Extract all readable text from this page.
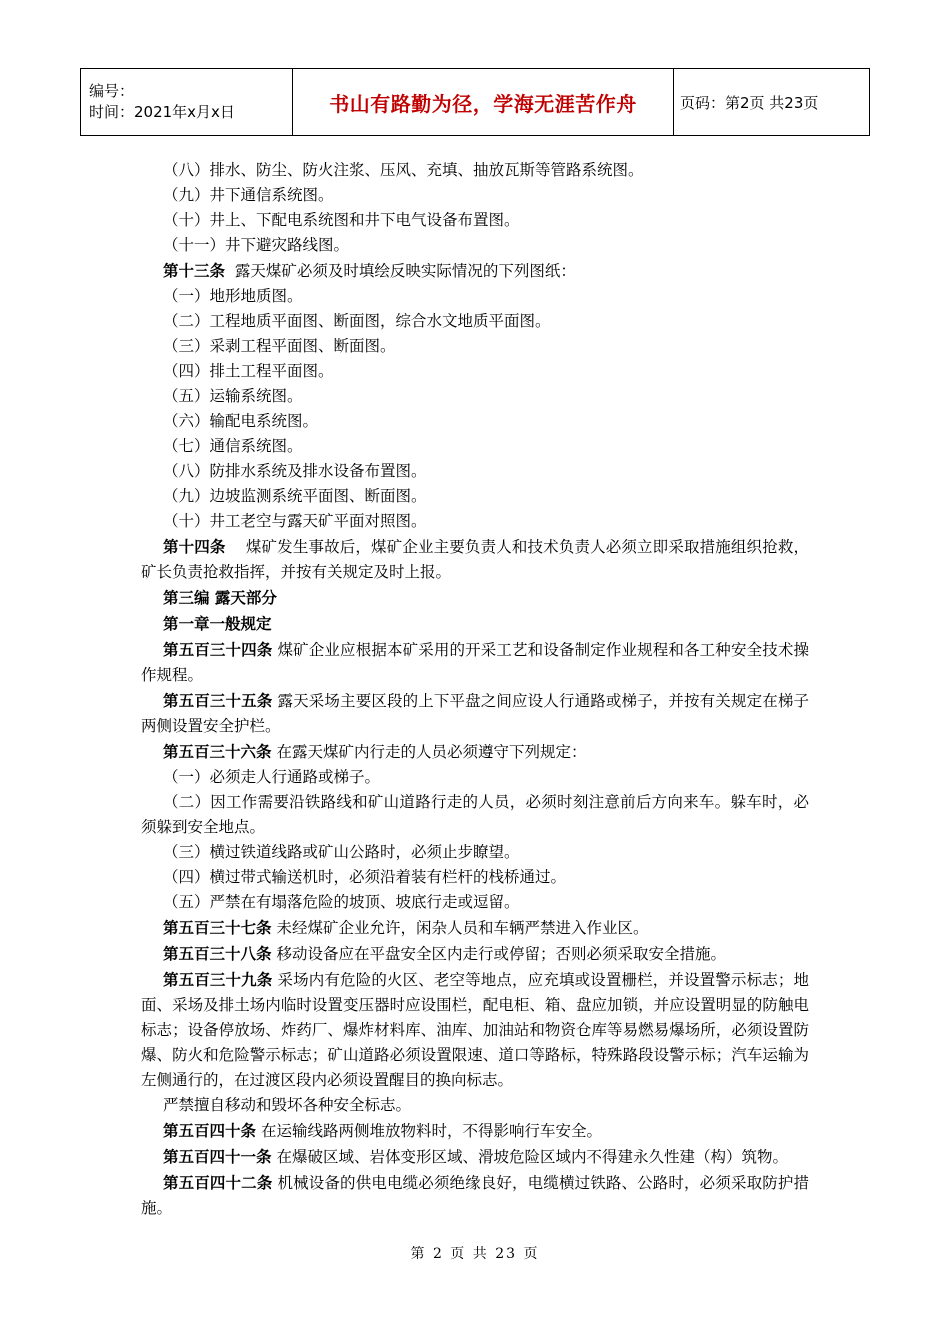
编号：
时间：2021年x月x日	书山有路勤为径，学海无涯苦作舟	页码：第2页 共23页

（八）排水、防尘、防火注浆、压风、充填、抽放瓦斯等管路系统图。

（九）井下通信系统图。

（十）井上、下配电系统图和井下电气设备布置图。

（十一）井下避灾路线图。

第十三条  露天煤矿必须及时填绘反映实际情况的下列图纸：

（一）地形地质图。

（二）工程地质平面图、断面图，综合水文地质平面图。

（三）采剥工程平面图、断面图。

（四）排土工程平面图。

（五）运输系统图。

（六）输配电系统图。

（七）通信系统图。

（八）防排水系统及排水设备布置图。

（九）边坡监测系统平面图、断面图。

（十）井工老空与露天矿平面对照图。

第十四条    煤矿发生事故后，煤矿企业主要负责人和技术负责人必须立即采取措施组织抢救，矿长负责抢救指挥，并按有关规定及时上报。

第三编 露天部分

第一章一般规定

第五百三十四条 煤矿企业应根据本矿采用的开采工艺和设备制定作业规程和各工种安全技术操作规程。

第五百三十五条 露天采场主要区段的上下平盘之间应设人行通路或梯子，并按有关规定在梯子两侧设置安全护栏。

第五百三十六条 在露天煤矿内行走的人员必须遵守下列规定：

（一）必须走人行通路或梯子。

（二）因工作需要沿铁路线和矿山道路行走的人员，必须时刻注意前后方向来车。躲车时，必须躲到安全地点。

（三）横过铁道线路或矿山公路时，必须止步瞭望。

（四）横过带式输送机时，必须沿着装有栏杆的栈桥通过。

（五）严禁在有塌落危险的坡顶、坡底行走或逗留。

第五百三十七条 未经煤矿企业允许，闲杂人员和车辆严禁进入作业区。

第五百三十八条 移动设备应在平盘安全区内走行或停留；否则必须采取安全措施。

第五百三十九条 采场内有危险的火区、老空等地点，应充填或设置栅栏，并设置警示标志；地面、采场及排土场内临时设置变压器时应设围栏，配电柜、箱、盘应加锁，并应设置明显的防触电标志；设备停放场、炸药厂、爆炸材料库、油库、加油站和物资仓库等易燃易爆场所，必须设置防爆、防火和危险警示标志；矿山道路必须设置限速、道口等路标，特殊路段设警示标；汽车运输为左侧通行的，在过渡区段内必须设置醒目的换向标志。

严禁擅自移动和毁坏各种安全标志。

第五百四十条 在运输线路两侧堆放物料时，不得影响行车安全。

第五百四十一条 在爆破区域、岩体变形区域、滑坡危险区域内不得建永久性建（构）筑物。

第五百四十二条 机械设备的供电电缆必须绝缘良好，电缆横过铁路、公路时，必须采取防护措施。

第 2 页 共 23 页
